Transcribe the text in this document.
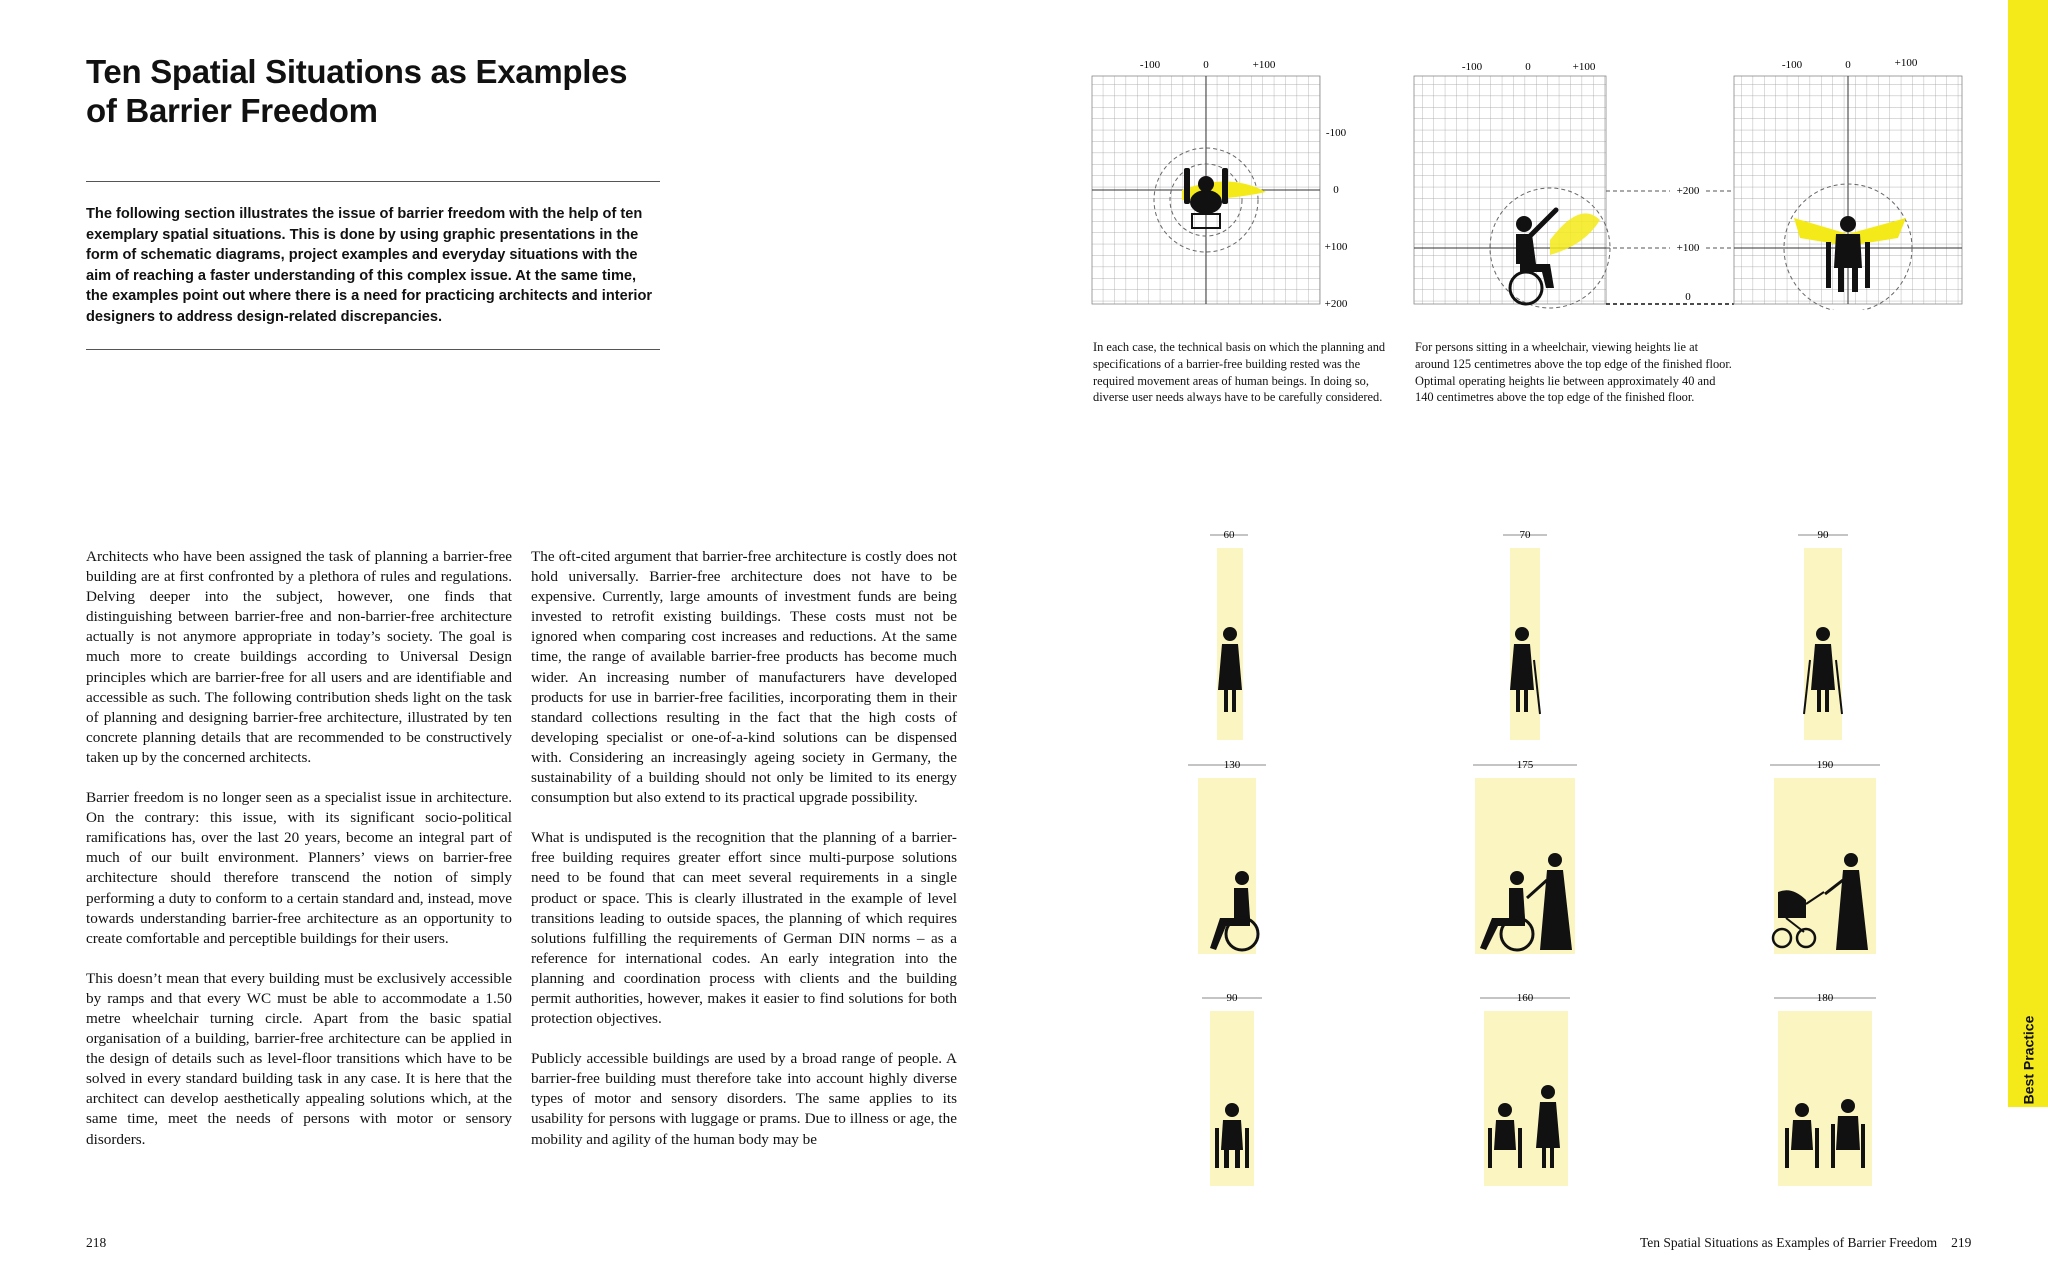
Ten Spatial Situations as Examples of Barrier Freedom

The following section illustrates the issue of barrier freedom with the help of ten exemplary spatial situations. This is done by using graphic presentations in the form of schematic diagrams, project examples and everyday situations with the aim of reaching a faster understanding of this complex issue. At the same time, the examples point out where there is a need for practicing architects and interior designers to address design-related discrepancies.

Architects who have been assigned the task of planning a barrier-free building are at first confronted by a plethora of rules and regulations. Delving deeper into the subject, however, one finds that distinguishing between barrier-free and non-barrier-free architecture actually is not anymore appropriate in today’s society. The goal is much more to create buildings according to Universal Design principles which are barrier-free for all users and are identifiable and accessible as such. The following contribution sheds light on the task of planning and designing barrier-free architecture, illustrated by ten concrete planning details that are recommended to be constructively taken up by the concerned architects.

Barrier freedom is no longer seen as a specialist issue in architecture. On the contrary: this issue, with its significant socio-political ramifications has, over the last 20 years, become an integral part of much of our built environment. Planners’ views on barrier-free architecture should therefore transcend the notion of simply performing a duty to conform to a certain standard and, instead, move towards understanding barrier-free architecture as an opportunity to create comfortable and perceptible buildings for their users.

This doesn’t mean that every building must be exclusively accessible by ramps and that every WC must be able to accommodate a 1.50 metre wheelchair turning circle. Apart from the basic spatial organisation of a building, barrier-free architecture can be applied in the design of details such as level-floor transitions which have to be solved in every standard building task in any case. It is here that the architect can develop aesthetically appealing solutions which, at the same time, meet the needs of persons with motor or sensory disorders.

The oft-cited argument that barrier-free architecture is costly does not hold universally. Barrier-free architecture does not have to be expensive. Currently, large amounts of investment funds are being invested to retrofit existing buildings. These costs must not be ignored when comparing cost increases and reductions. At the same time, the range of available barrier-free products has become much wider. An increasing number of manufacturers have developed products for use in barrier-free facilities, incorporating them in their standard collections resulting in the fact that the high costs of developing specialist or one-of-a-kind solutions can be dispensed with. Considering an increasingly ageing society in Germany, the sustainability of a building should not only be limited to its energy consumption but also extend to its practical upgrade possibility.

What is undisputed is the recognition that the planning of a barrier-free building requires greater effort since multi-purpose solutions need to be found that can meet several requirements in a single product or space. This is clearly illustrated in the example of level transitions leading to outside spaces, the planning of which requires solutions fulfilling the requirements of German DIN norms – as a reference for international codes. An early integration into the planning and coordination process with clients and the building permit authorities, however, makes it easier to find solutions for both protection objectives.

Publicly accessible buildings are used by a broad range of people. A barrier-free building must therefore take into account highly diverse types of motor and sensory disorders. The same applies to its usability for persons with luggage or prams. Due to illness or age, the mobility and agility of the human body may be

-100	0	+100
-100
0
+100
+200
-100	0	+100
+200
+100
0
-100	0	+100

In each case, the technical basis on which the planning and specifications of a barrier-free building rested was the required movement areas of human beings. In doing so, diverse user needs always have to be carefully considered.

For persons sitting in a wheelchair, viewing heights lie at around 125 centimetres above the top edge of the finished floor. Optimal operating heights lie between approximately 40 and 140 centimetres above the top edge of the finished floor.

60	70	90
130	175	190
90	160	180
218	Ten Spatial Situations as Examples of Barrier Freedom 219
Best Practice
